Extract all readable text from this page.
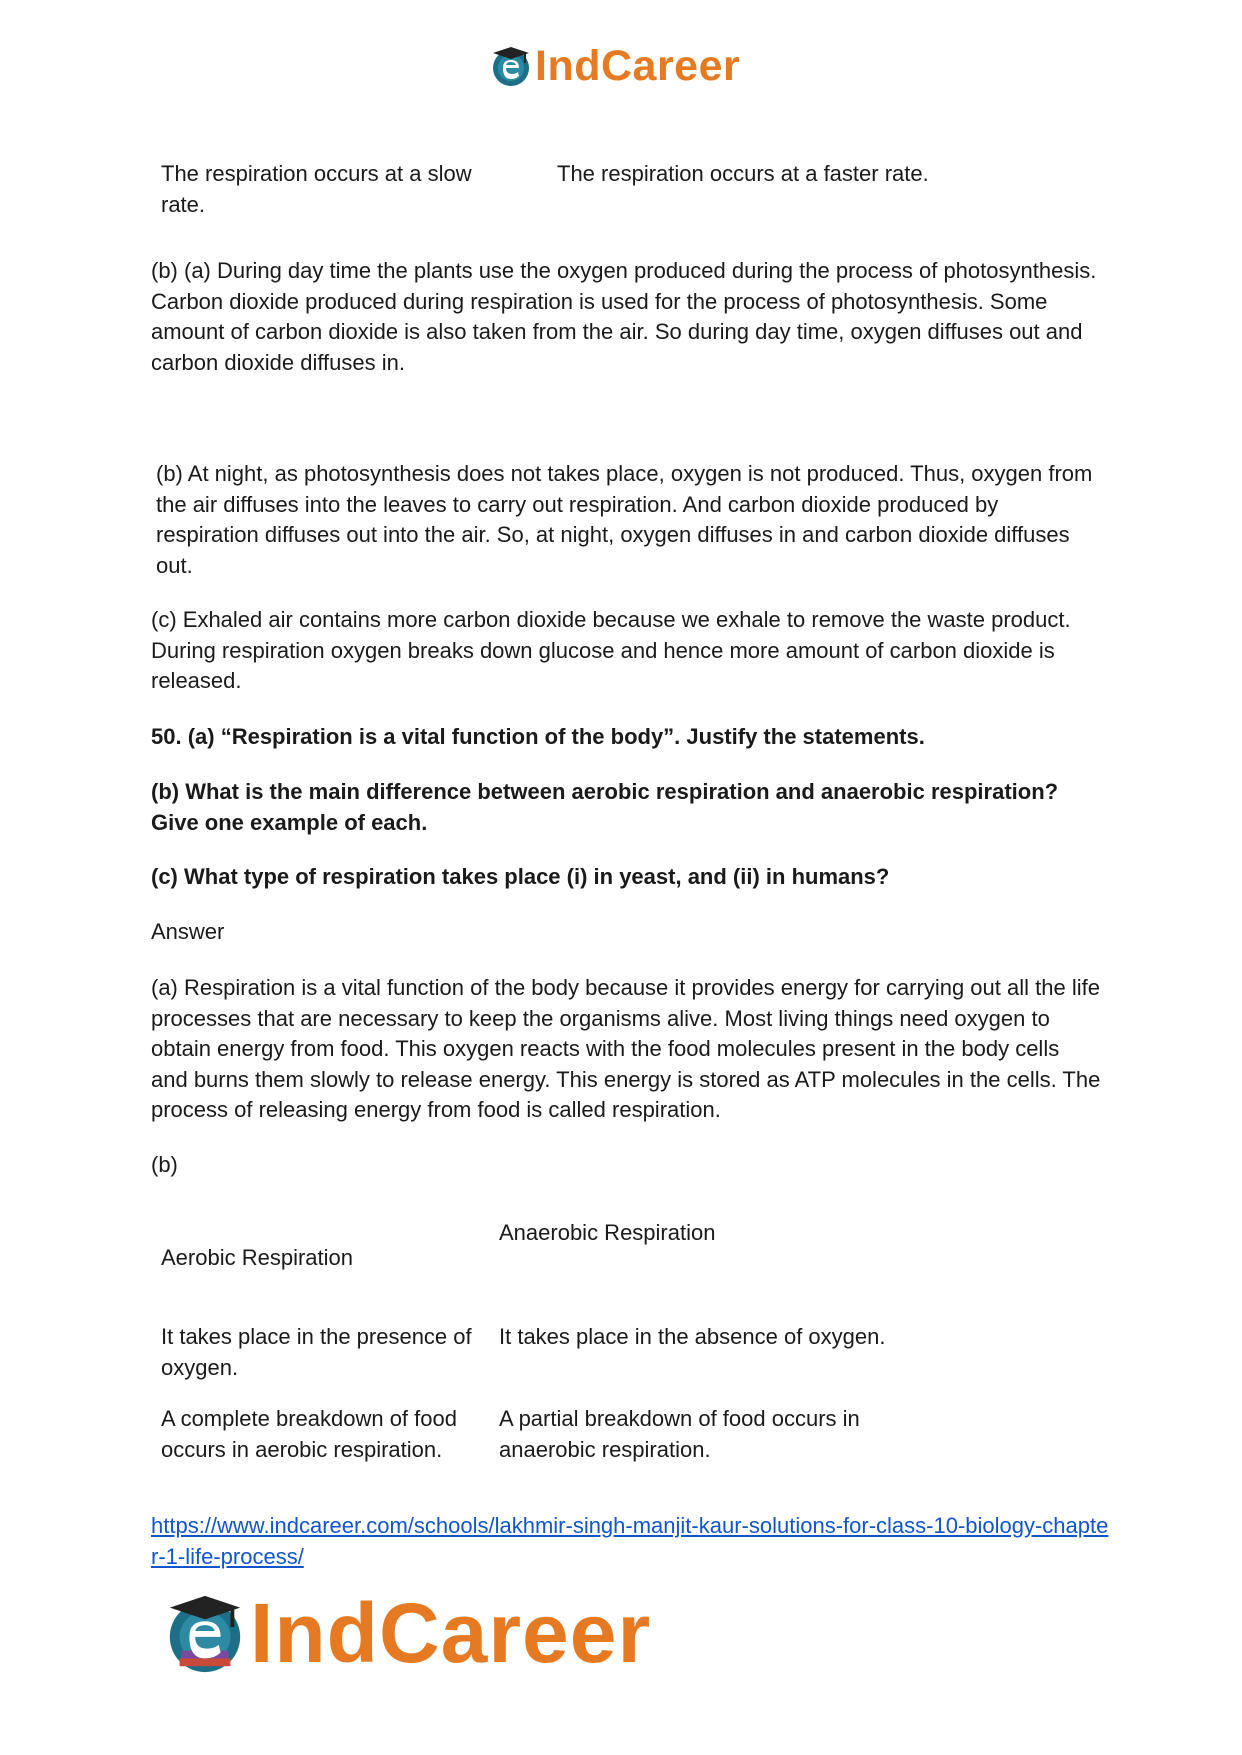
IndCareer
The respiration occurs at a slow rate.
The respiration occurs at a faster rate.

(b) (a) During day time the plants use the oxygen produced during the process of photosynthesis. Carbon dioxide produced during respiration is used for the process of photosynthesis. Some amount of carbon dioxide is also taken from the air. So during day time, oxygen diffuses out and carbon dioxide diffuses in.

(b) At night, as photosynthesis does not takes place, oxygen is not produced. Thus, oxygen from the air diffuses into the leaves to carry out respiration. And carbon dioxide produced by respiration diffuses out into the air. So, at night, oxygen diffuses in and carbon dioxide diffuses out.

(c) Exhaled air contains more carbon dioxide because we exhale to remove the waste product. During respiration oxygen breaks down glucose and hence more amount of carbon dioxide is released.

50. (a) “Respiration is a vital function of the body”. Justify the statements.

(b) What is the main difference between aerobic respiration and anaerobic respiration? Give one example of each.

(c) What type of respiration takes place (i) in yeast, and (ii) in humans?

Answer

(a) Respiration is a vital function of the body because it provides energy for carrying out all the life processes that are necessary to keep the organisms alive. Most living things need oxygen to obtain energy from food. This oxygen reacts with the food molecules present in the body cells and burns them slowly to release energy. This energy is stored as ATP molecules in the cells. The process of releasing energy from food is called respiration.

(b)

Aerobic Respiration
Anaerobic Respiration
It takes place in the presence of oxygen.
It takes place in the absence of oxygen.
A complete breakdown of food occurs in aerobic respiration.
A partial breakdown of food occurs in anaerobic respiration.
https://www.indcareer.com/schools/lakhmir-singh-manjit-kaur-solutions-for-class-10-biology-chapter-1-life-process/
IndCareer
